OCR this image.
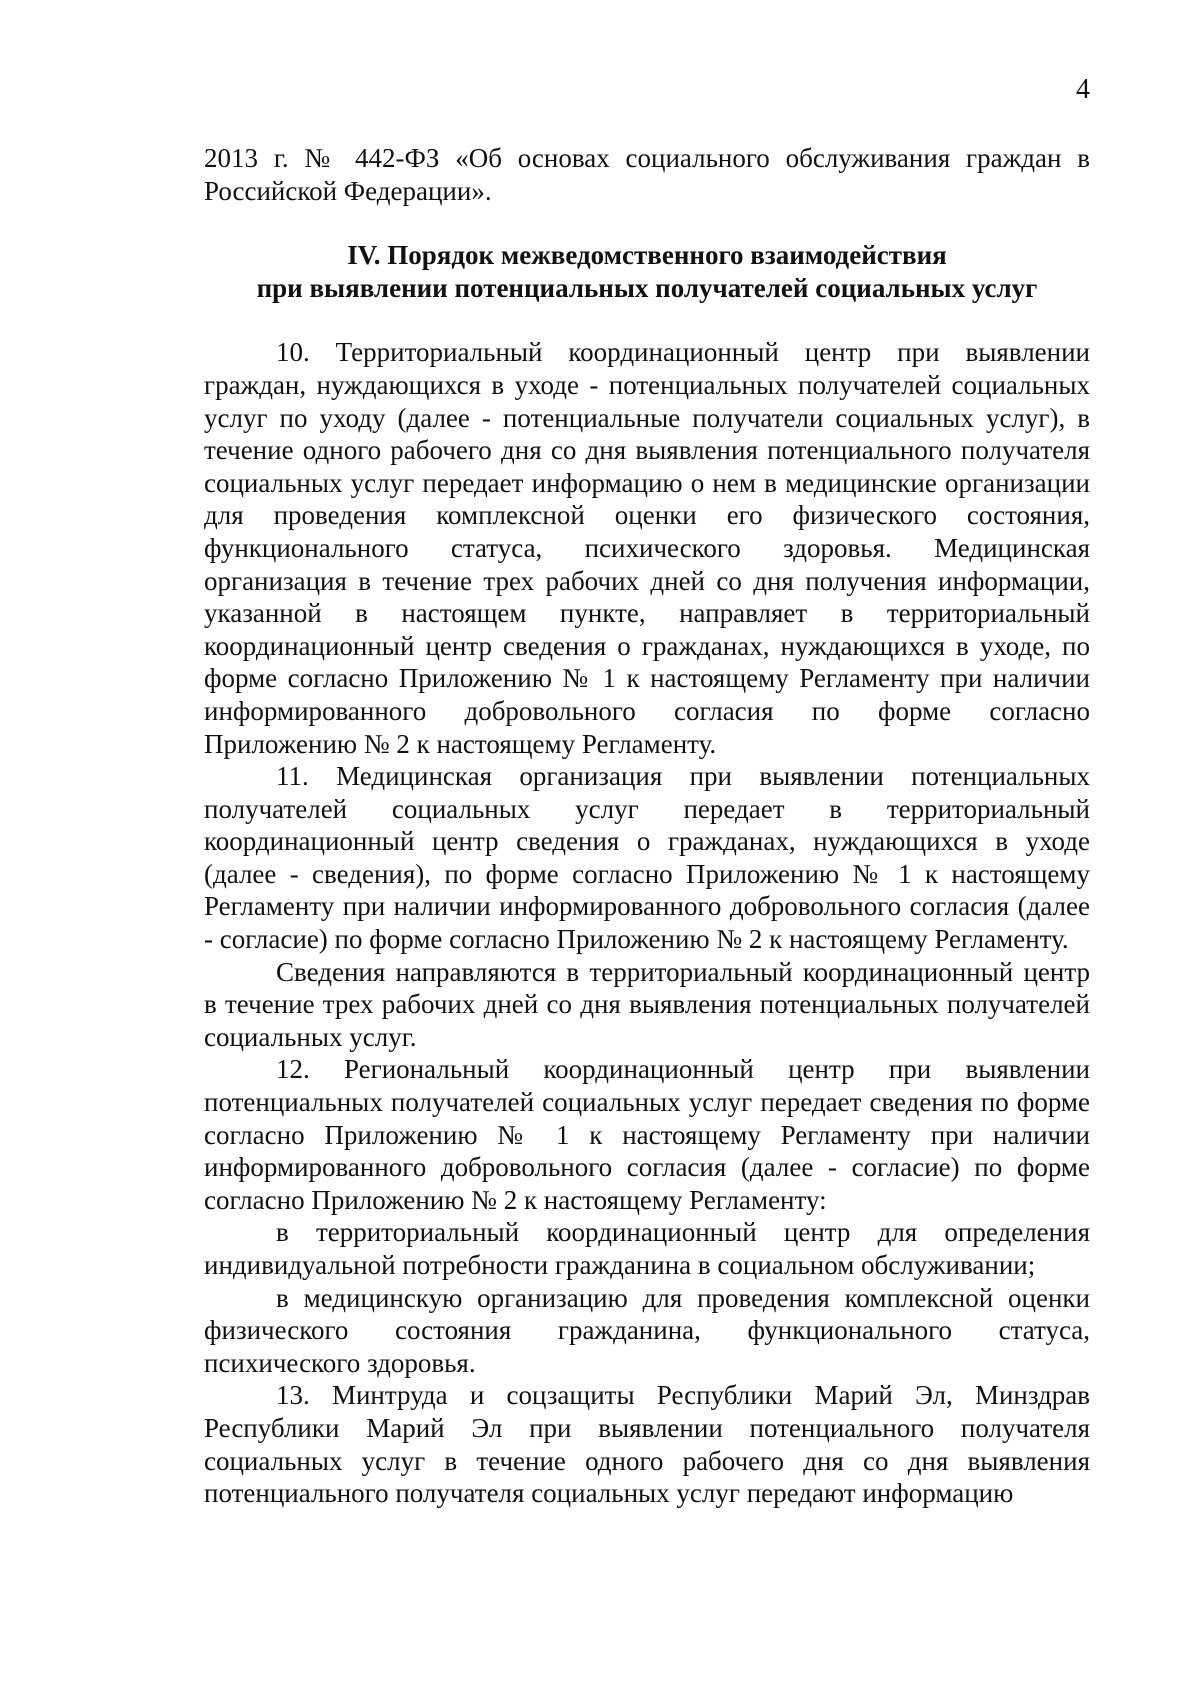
4

2013 г. № 442-ФЗ «Об основах социального обслуживания граждан в Российской Федерации».

IV. Порядок межведомственного взаимодействия
при выявлении потенциальных получателей социальных услуг

10. Территориальный координационный центр при выявлении граждан, нуждающихся в уходе - потенциальных получателей социальных услуг по уходу (далее - потенциальные получатели социальных услуг), в течение одного рабочего дня со дня выявления потенциального получателя социальных услуг передает информацию о нем в медицинские организации для проведения комплексной оценки его физического состояния, функционального статуса, психического здоровья. Медицинская организация в течение трех рабочих дней со дня получения информации, указанной в настоящем пункте, направляет в территориальный координационный центр сведения о гражданах, нуждающихся в уходе, по форме согласно Приложению № 1 к настоящему Регламенту при наличии информированного добровольного согласия по форме согласно Приложению № 2 к настоящему Регламенту.

11. Медицинская организация при выявлении потенциальных получателей социальных услуг передает в территориальный координационный центр сведения о гражданах, нуждающихся в уходе (далее - сведения), по форме согласно Приложению № 1 к настоящему Регламенту при наличии информированного добровольного согласия (далее - согласие) по форме согласно Приложению № 2 к настоящему Регламенту.

Сведения направляются в территориальный координационный центр в течение трех рабочих дней со дня выявления потенциальных получателей социальных услуг.

12. Региональный координационный центр при выявлении потенциальных получателей социальных услуг передает сведения по форме согласно Приложению № 1 к настоящему Регламенту при наличии информированного добровольного согласия (далее - согласие) по форме согласно Приложению № 2 к настоящему Регламенту:

в территориальный координационный центр для определения индивидуальной потребности гражданина в социальном обслуживании;

в медицинскую организацию для проведения комплексной оценки физического состояния гражданина, функционального статуса, психического здоровья.

13. Минтруда и соцзащиты Республики Марий Эл, Минздрав Республики Марий Эл при выявлении потенциального получателя социальных услуг в течение одного рабочего дня со дня выявления потенциального получателя социальных услуг передают информацию
